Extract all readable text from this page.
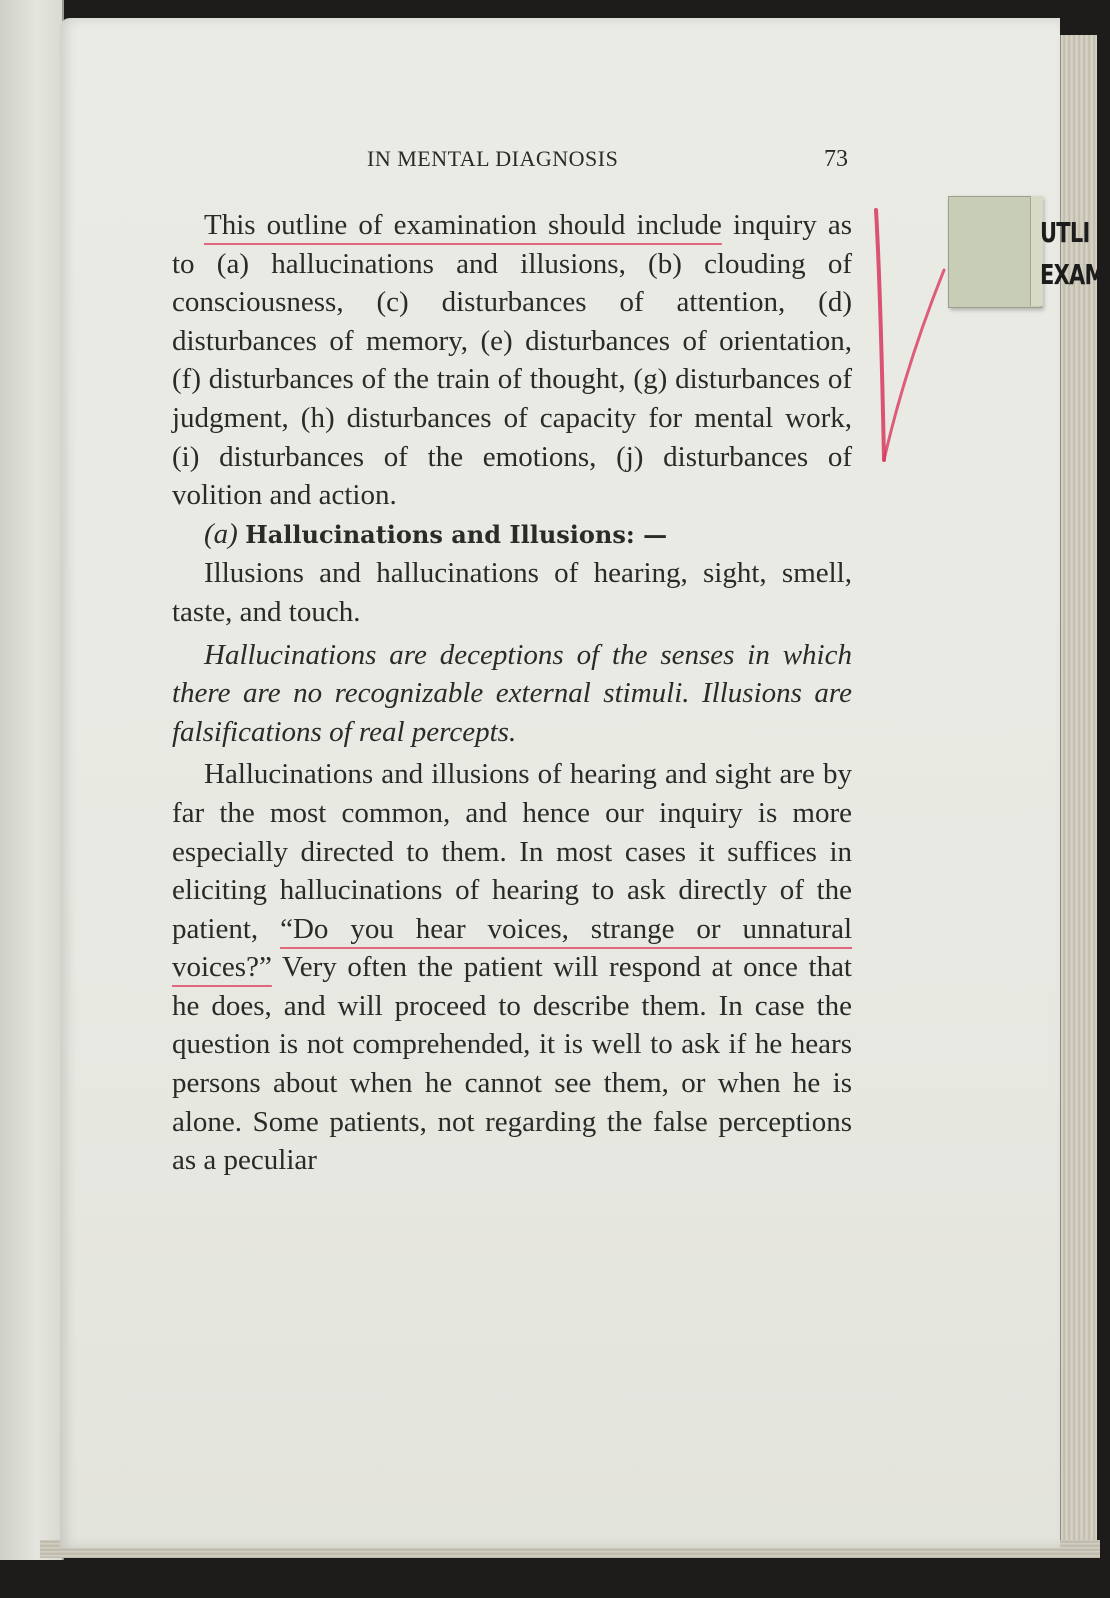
UTLI
EXAM
IN MENTAL DIAGNOSIS	73

This outline of examination should include inquiry as to (a) hallucinations and illusions, (b) clouding of consciousness, (c) disturbances of attention, (d) disturbances of memory, (e) disturbances of orientation, (f) disturbances of the train of thought, (g) disturbances of judgment, (h) disturbances of capacity for mental work, (i) disturbances of the emotions, (j) disturbances of volition and action.

(a) Hallucinations and Illusions: —

Illusions and hallucinations of hearing, sight, smell, taste, and touch.

Hallucinations are deceptions of the senses in which there are no recognizable external stimuli. Illusions are falsifications of real percepts.

Hallucinations and illusions of hearing and sight are by far the most common, and hence our inquiry is more especially directed to them. In most cases it suffices in eliciting hallucinations of hearing to ask directly of the patient, “Do you hear voices, strange or unnatural voices?” Very often the patient will respond at once that he does, and will proceed to describe them. In case the question is not comprehended, it is well to ask if he hears persons about when he cannot see them, or when he is alone. Some patients, not regarding the false perceptions as a peculiar
